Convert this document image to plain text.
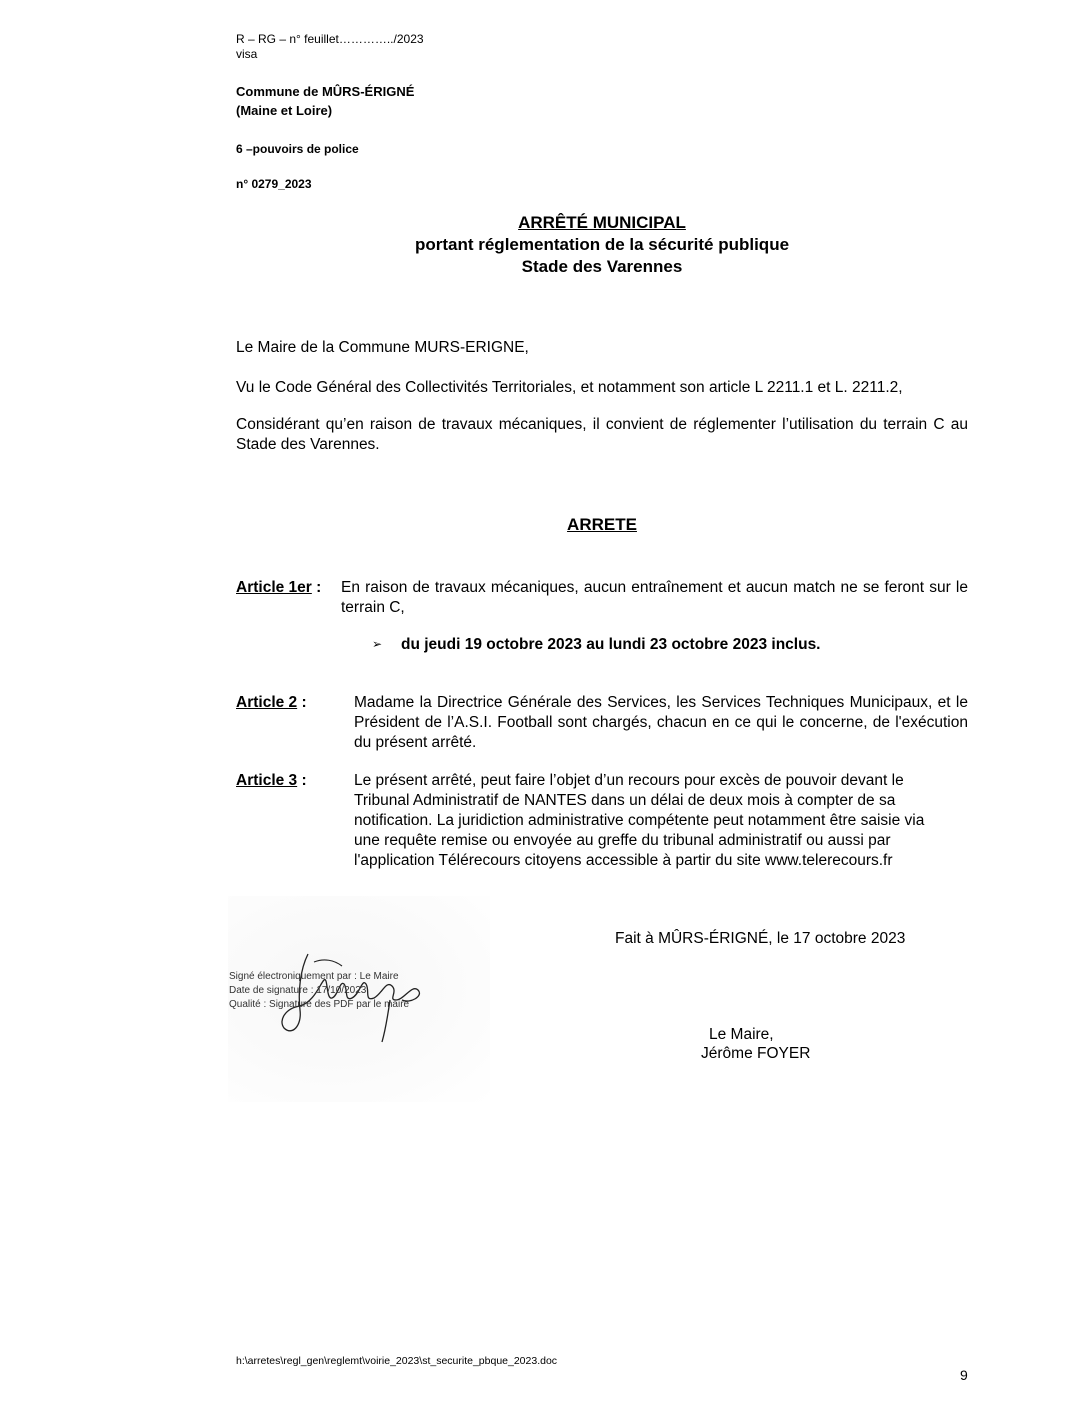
R – RG – n° feuillet…………../2023
visa
Commune de MÛRS-ÉRIGNÉ
(Maine et Loire)
6 –pouvoirs de police
n° 0279_2023
ARRÊTÉ MUNICIPAL
portant réglementation de la sécurité publique
Stade des Varennes
Le Maire de la Commune MURS-ERIGNE,
Vu le Code Général des Collectivités Territoriales, et notamment son article L 2211.1 et L. 2211.2,
Considérant qu’en raison de travaux mécaniques, il convient de réglementer l’utilisation du terrain C au Stade des Varennes.
ARRETE
Article 1er : En raison de travaux mécaniques, aucun entraînement et aucun match ne se feront sur le terrain C,
➢ du jeudi 19 octobre 2023 au lundi 23 octobre 2023 inclus.
Article 2 :	Madame la Directrice Générale des Services, les Services Techniques Municipaux, et le Président de l’A.S.I. Football sont chargés, chacun en ce qui le concerne, de l'exécution du présent arrêté.
Article 3 :	Le présent arrêté, peut faire l’objet d’un recours pour excès de pouvoir devant le
Tribunal Administratif de NANTES dans un délai de deux mois à compter de sa
notification. La juridiction administrative compétente peut notamment être saisie via
une requête remise ou envoyée au greffe du tribunal administratif ou aussi par
l'application Télérecours citoyens accessible à partir du site www.telerecours.fr
Fait à MÛRS-ÉRIGNÉ, le 17 octobre 2023
Signé électroniquement par : Le Maire
Date de signature : 17/10/2023
Qualité : Signature des PDF par le maire
Le Maire,
Jérôme FOYER
h:\arretes\regl_gen\reglemt\voirie_2023\st_securite_pbque_2023.doc
9
